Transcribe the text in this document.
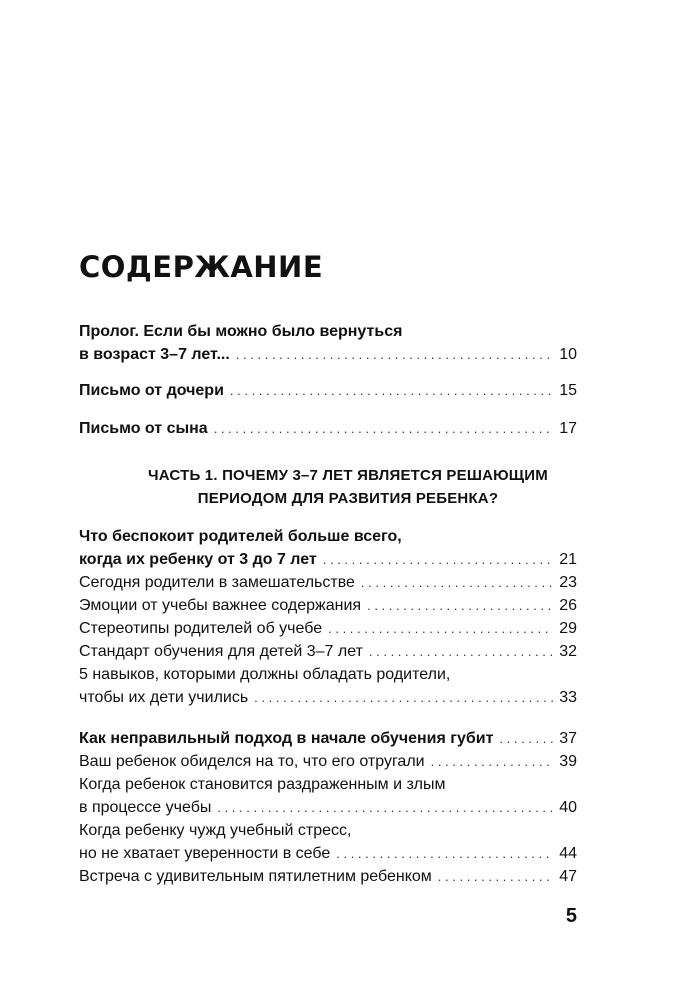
СОДЕРЖАНИЕ
Пролог. Если бы можно было вернуться
в возраст 3–7 лет... . . .	10
Письмо от дочери . . .	15
Письмо от сына . . .	17
ЧАСТЬ 1. ПОЧЕМУ 3–7 ЛЕТ ЯВЛЯЕТСЯ РЕШАЮЩИМ
ПЕРИОДОМ ДЛЯ РАЗВИТИЯ РЕБЕНКА?
Что беспокоит родителей больше всего,
когда их ребенку от 3 до 7 лет . . .	21
Сегодня родители в замешательстве . . .	23
Эмоции от учебы важнее содержания . . .	26
Стереотипы родителей об учебе . . .	29
Стандарт обучения для детей 3–7 лет . . .	32
5 навыков, которыми должны обладать родители,
чтобы их дети учились . . .	33
Как неправильный подход в начале обучения губит . . .	37
Ваш ребенок обиделся на то, что его отругали . . .	39
Когда ребенок становится раздраженным и злым
в процессе учебы . . .	40
Когда ребенку чужд учебный стресс,
но не хватает уверенности в себе . . .	44
Встреча с удивительным пятилетним ребенком . . .	47
5
